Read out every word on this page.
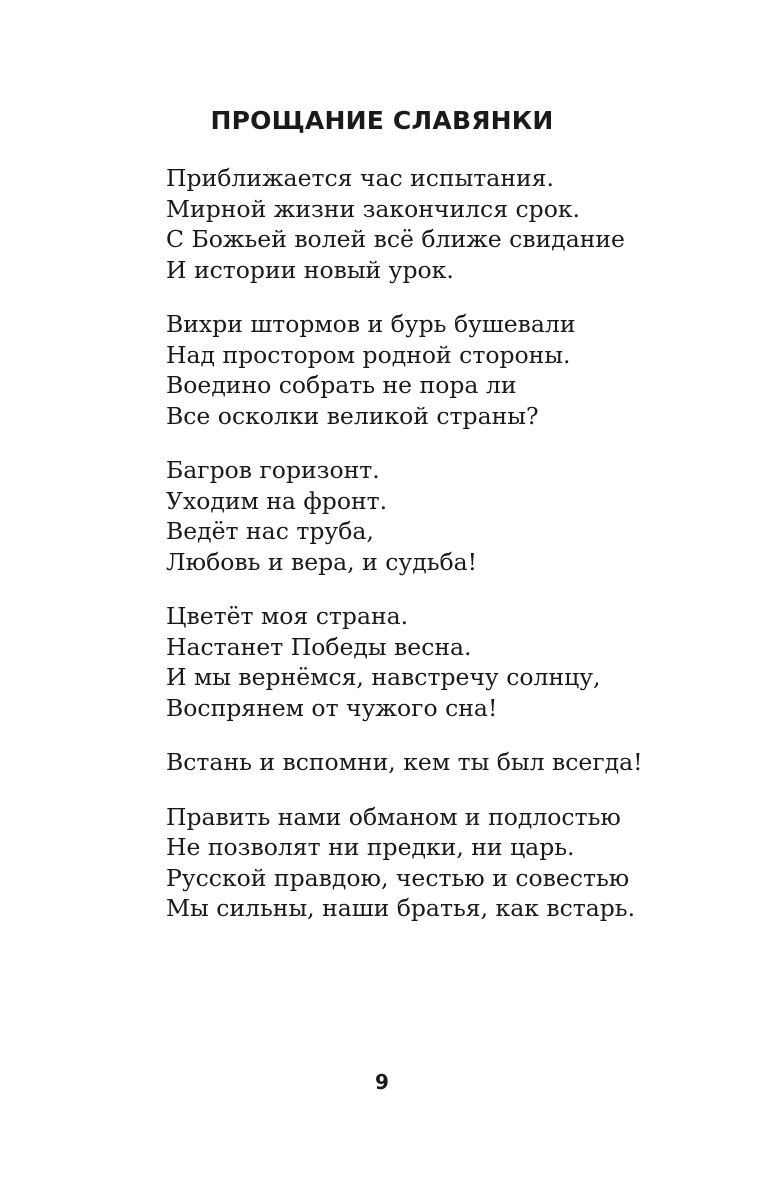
ПРОЩАНИЕ СЛАВЯНКИ
Приближается час испытания.
Мирной жизни закончился срок.
С Божьей волей всё ближе свидание
И истории новый урок.
Вихри штормов и бурь бушевали
Над простором родной стороны.
Воедино собрать не пора ли
Все осколки великой страны?
Багров горизонт.
Уходим на фронт.
Ведёт нас труба,
Любовь и вера, и судьба!
Цветёт моя страна.
Настанет Победы весна.
И мы вернёмся, навстречу солнцу,
Воспрянем от чужого сна!
Встань и вспомни, кем ты был всегда!
Править нами обманом и подлостью
Не позволят ни предки, ни царь.
Русской правдою, честью и совестью
Мы сильны, наши братья, как встарь.
9
